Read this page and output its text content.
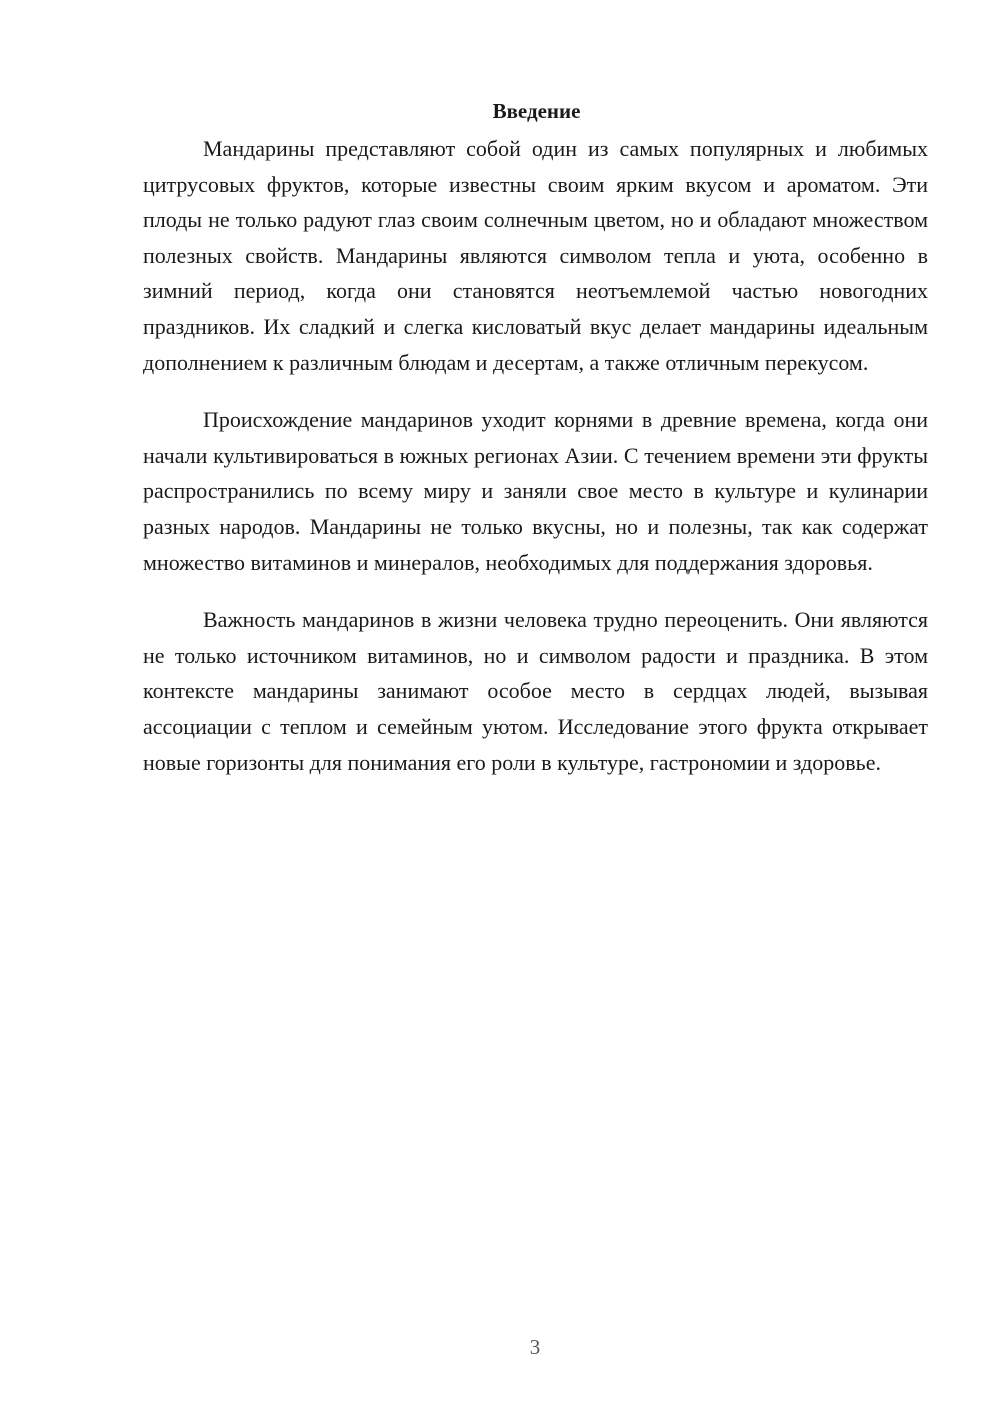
Введение

Мандарины представляют собой один из самых популярных и любимых цитрусовых фруктов, которые известны своим ярким вкусом и ароматом. Эти плоды не только радуют глаз своим солнечным цветом, но и обладают множеством полезных свойств. Мандарины являются символом тепла и уюта, особенно в зимний период, когда они становятся неотъемлемой частью новогодних праздников. Их сладкий и слегка кисловатый вкус делает мандарины идеальным дополнением к различным блюдам и десертам, а также отличным перекусом.

Происхождение мандаринов уходит корнями в древние времена, когда они начали культивироваться в южных регионах Азии. С течением времени эти фрукты распространились по всему миру и заняли свое место в культуре и кулинарии разных народов. Мандарины не только вкусны, но и полезны, так как содержат множество витаминов и минералов, необходимых для поддержания здоровья.

Важность мандаринов в жизни человека трудно переоценить. Они являются не только источником витаминов, но и символом радости и праздника. В этом контексте мандарины занимают особое место в сердцах людей, вызывая ассоциации с теплом и семейным уютом. Исследование этого фрукта открывает новые горизонты для понимания его роли в культуре, гастрономии и здоровье.

3
